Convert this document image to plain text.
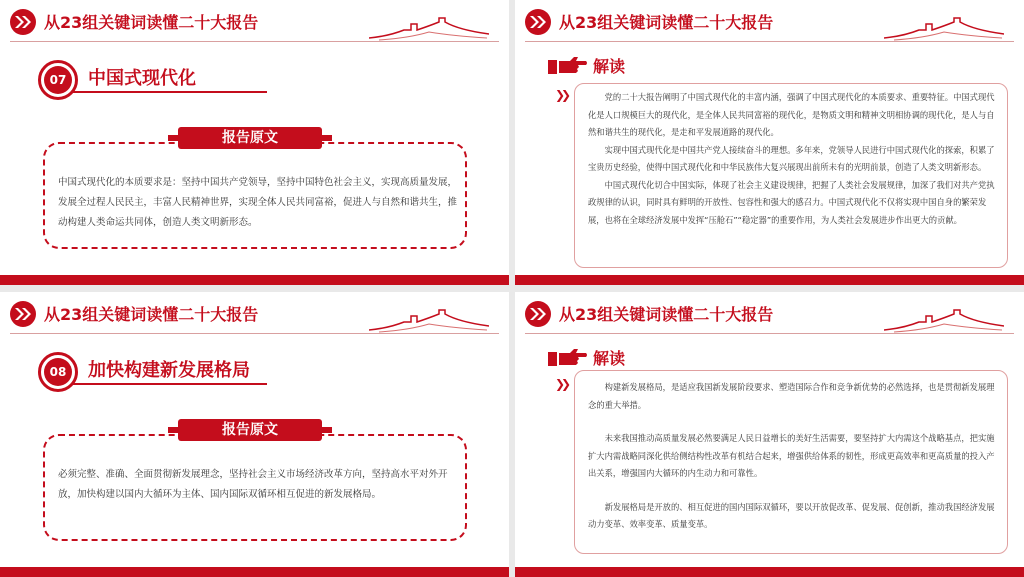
从23组关键词读懂二十大报告
07	中国式现代化
报告原文
中国式现代化的本质要求是：坚持中国共产党领导，坚持中国特色社会主义，实现高质量发展，发展全过程人民民主，丰富人民精神世界，实现全体人民共同富裕，促进人与自然和谐共生，推动构建人类命运共同体，创造人类文明新形态。
从23组关键词读懂二十大报告
解读
❯❯	党的二十大报告阐明了中国式现代化的丰富内涵，强调了中国式现代化的本质要求、重要特征。中国式现代化是人口规模巨大的现代化，是全体人民共同富裕的现代化，是物质文明和精神文明相协调的现代化，是人与自然和谐共生的现代化，是走和平发展道路的现代化。

实现中国式现代化是中国共产党人接续奋斗的理想。多年来，党领导人民进行中国式现代化的探索，积累了宝贵历史经验，使得中国式现代化和中华民族伟大复兴展现出前所未有的光明前景，创造了人类文明新形态。

中国式现代化切合中国实际，体现了社会主义建设规律，把握了人类社会发展规律，加深了我们对共产党执政规律的认识，同时具有鲜明的开放性、包容性和强大的感召力。中国式现代化不仅将实现中国自身的繁荣发展，也将在全球经济发展中发挥“压舱石”“稳定器”的重要作用，为人类社会发展进步作出更大的贡献。

从23组关键词读懂二十大报告
08	加快构建新发展格局
报告原文
必须完整、准确、全面贯彻新发展理念，坚持社会主义市场经济改革方向，坚持高水平对外开放，加快构建以国内大循环为主体、国内国际双循环相互促进的新发展格局。
从23组关键词读懂二十大报告
解读
❯❯	构建新发展格局，是适应我国新发展阶段要求、塑造国际合作和竞争新优势的必然选择，也是贯彻新发展理念的重大举措。

未来我国推动高质量发展必然要满足人民日益增长的美好生活需要，要坚持扩大内需这个战略基点，把实施扩大内需战略同深化供给侧结构性改革有机结合起来，增强供给体系的韧性，形成更高效率和更高质量的投入产出关系，增强国内大循环的内生动力和可靠性。

新发展格局是开放的、相互促进的国内国际双循环，要以开放促改革、促发展、促创新，推动我国经济发展动力变革、效率变革、质量变革。
